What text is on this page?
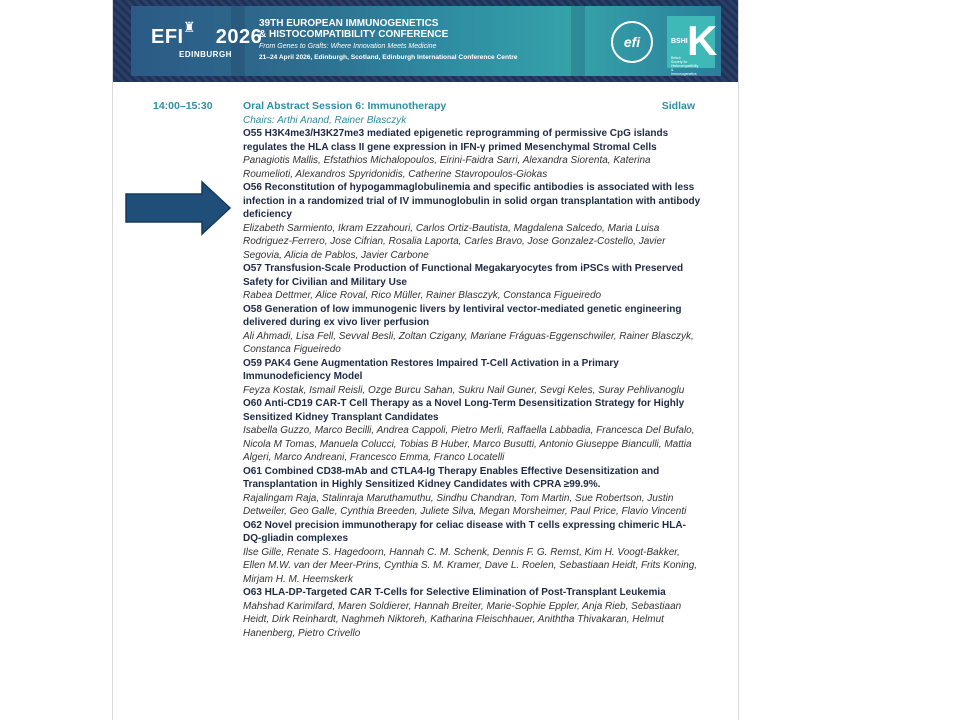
♜
EFI 2026
EDINBURGH
39TH EUROPEAN IMMUNOGENETICS
& HISTOCOMPATIBILITY CONFERENCE
From Genes to Grafts: Where Innovation Meets Medicine
21–24 April 2026, Edinburgh, Scotland, Edinburgh International Conference Centre
efi	K
BSHI
British Society for Histocompatibility & Immunogenetics
14:00–15:30	Sidlaw
Oral Abstract Session 6: Immunotherapy
Chairs: Arthi Anand, Rainer Blasczyk
O55 H3K4me3/H3K27me3 mediated epigenetic reprogramming of permissive CpG islands regulates the HLA class II gene expression in IFN-γ primed Mesenchymal Stromal Cells
Panagiotis Mallis, Efstathios Michalopoulos, Eirini-Faidra Sarri, Alexandra Siorenta, Katerina Roumelioti, Alexandros Spyridonidis, Catherine Stavropoulos-Giokas
O56 Reconstitution of hypogammaglobulinemia and specific antibodies is associated with less infection in a randomized trial of IV immunoglobulin in solid organ transplantation with antibody deficiency
Elizabeth Sarmiento, Ikram Ezzahouri, Carlos Ortiz-Bautista, Magdalena Salcedo, Maria Luisa Rodriguez-Ferrero, Jose Cifrian, Rosalia Laporta, Carles Bravo, Jose Gonzalez-Costello, Javier Segovia, Alicia de Pablos, Javier Carbone
O57 Transfusion-Scale Production of Functional Megakaryocytes from iPSCs with Preserved Safety for Civilian and Military Use
Rabea Dettmer, Alice Roval, Rico Müller, Rainer Blasczyk, Constanca Figueiredo
O58 Generation of low immunogenic livers by lentiviral vector-mediated genetic engineering delivered during ex vivo liver perfusion
Ali Ahmadi, Lisa Fell, Sevval Besli, Zoltan Czigany, Mariane Fráguas-Eggenschwiler, Rainer Blasczyk, Constanca Figueiredo
O59 PAK4 Gene Augmentation Restores Impaired T-Cell Activation in a Primary Immunodeficiency Model
Feyza Kostak, Ismail Reisli, Ozge Burcu Sahan, Sukru Nail Guner, Sevgi Keles, Suray Pehlivanoglu
O60 Anti-CD19 CAR-T Cell Therapy as a Novel Long-Term Desensitization Strategy for Highly Sensitized Kidney Transplant Candidates
Isabella Guzzo, Marco Becilli, Andrea Cappoli, Pietro Merli, Raffaella Labbadia, Francesca Del Bufalo, Nicola M Tomas, Manuela Colucci, Tobias B Huber, Marco Busutti, Antonio Giuseppe Bianculli, Mattia Algeri, Marco Andreani, Francesco Emma, Franco Locatelli
O61 Combined CD38-mAb and CTLA4-Ig Therapy Enables Effective Desensitization and Transplantation in Highly Sensitized Kidney Candidates with CPRA ≥99.9%.
Rajalingam Raja, Stalinraja Maruthamuthu, Sindhu Chandran, Tom Martin, Sue Robertson, Justin Detweiler, Geo Galle, Cynthia Breeden, Juliete Silva, Megan Morsheimer, Paul Price, Flavio Vincenti
O62 Novel precision immunotherapy for celiac disease with T cells expressing chimeric HLA-DQ-gliadin complexes
Ilse Gille, Renate S. Hagedoorn, Hannah C. M. Schenk, Dennis F. G. Remst, Kim H. Voogt-Bakker, Ellen M.W. van der Meer-Prins, Cynthia S. M. Kramer, Dave L. Roelen, Sebastiaan Heidt, Frits Koning, Mirjam H. M. Heemskerk
O63 HLA-DP-Targeted CAR T-Cells for Selective Elimination of Post-Transplant Leukemia
Mahshad Karimifard, Maren Soldierer, Hannah Breiter, Marie-Sophie Eppler, Anja Rieb, Sebastiaan Heidt, Dirk Reinhardt, Naghmeh Niktoreh, Katharina Fleischhauer, Aniththa Thivakaran, Helmut Hanenberg, Pietro Crivello
